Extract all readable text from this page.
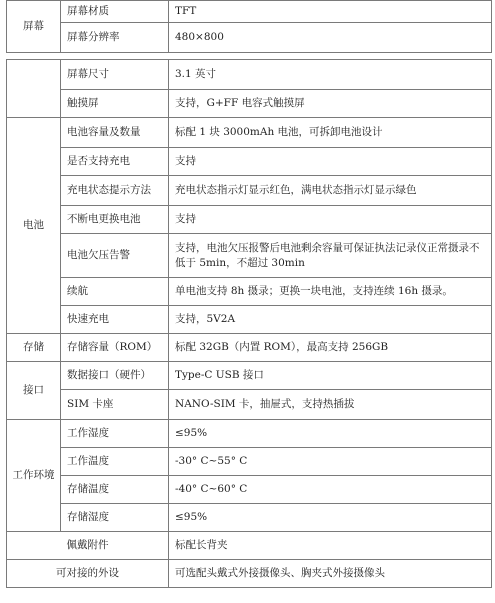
屏幕	屏幕材质	TFT
	屏幕分辨率	480×800
	屏幕尺寸	3.1 英寸
	触摸屏	支持，G+FF 电容式触摸屏
电池	电池容量及数量	标配 1 块 3000mAh 电池，可拆卸电池设计
	是否支持充电	支持
	充电状态提示方法	充电状态指示灯显示红色，满电状态指示灯显示绿色
	不断电更换电池	支持
	电池欠压告警	支持，电池欠压报警后电池剩余容量可保证执法记录仪正常摄录不低于 5min，不超过 30min
	续航	单电池支持 8h 摄录；更换一块电池，支持连续 16h 摄录。
	快速充电	支持，5V2A
存储	存储容量（ROM）	标配 32GB（内置 ROM），最高支持 256GB
接口	数据接口（硬件）	Type-C USB 接口
	SIM 卡座	NANO-SIM 卡，抽屉式，支持热插拔
工作环境	工作湿度	≤95%
	工作温度	-30° C~55° C
	存储温度	-40° C~60° C
	存储湿度	≤95%
佩戴附件		标配长背夹
可对接的外设		可选配头戴式外接摄像头、胸夹式外接摄像头
